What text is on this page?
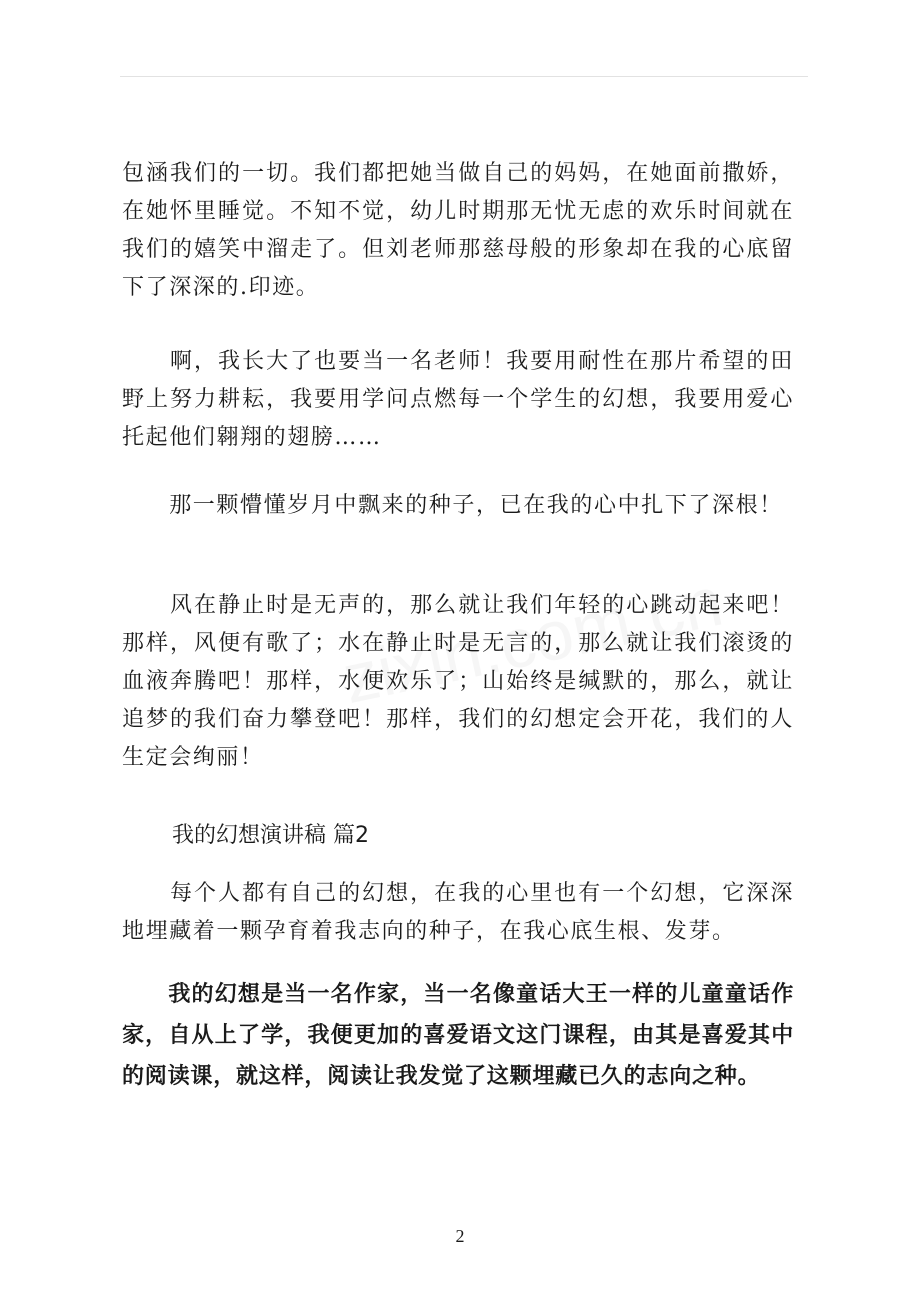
包涵我们的一切。我们都把她当做自己的妈妈，在她面前撒娇，在她怀里睡觉。不知不觉，幼儿时期那无忧无虑的欢乐时间就在我们的嬉笑中溜走了。但刘老师那慈母般的形象却在我的心底留下了深深的.印迹。

　　啊，我长大了也要当一名老师！我要用耐性在那片希望的田野上努力耕耘，我要用学问点燃每一个学生的幻想，我要用爱心托起他们翱翔的翅膀……

　　那一颗懵懂岁月中飘来的种子，已在我的心中扎下了深根！

　　风在静止时是无声的，那么就让我们年轻的心跳动起来吧！那样，风便有歌了；水在静止时是无言的，那么就让我们滚烫的血液奔腾吧！那样，水便欢乐了；山始终是缄默的，那么，就让追梦的我们奋力攀登吧！那样，我们的幻想定会开花，我们的人生定会绚丽！

我的幻想演讲稿 篇2

　　每个人都有自己的幻想，在我的心里也有一个幻想，它深深地埋藏着一颗孕育着我志向的种子，在我心底生根、发芽。

　　我的幻想是当一名作家，当一名像童话大王一样的儿童童话作家，自从上了学，我便更加的喜爱语文这门课程，由其是喜爱其中的阅读课，就这样，阅读让我发觉了这颗埋藏已久的志向之种。

2
